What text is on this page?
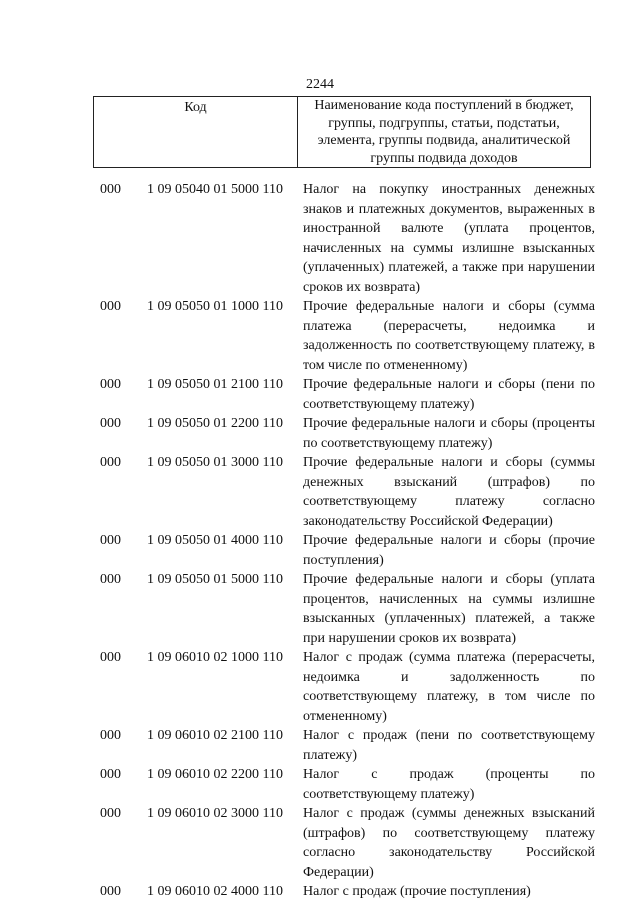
2244
Код	Наименование кода поступлений в бюджет, группы, подгруппы, статьи, подстатьи, элемента, группы подвида, аналитической группы подвида доходов
000	1 09 05040 01 5000 110	Налог на покупку иностранных денежных знаков и платежных документов, выраженных в иностранной валюте (уплата процентов, начисленных на суммы излишне взысканных (уплаченных) платежей, а также при нарушении сроков их возврата)
000	1 09 05050 01 1000 110	Прочие федеральные налоги и сборы (сумма платежа (перерасчеты, недоимка и задолженность по соответствующему платежу, в том числе по отмененному)
000	1 09 05050 01 2100 110	Прочие федеральные налоги и сборы (пени по соответствующему платежу)
000	1 09 05050 01 2200 110	Прочие федеральные налоги и сборы (проценты по соответствующему платежу)
000	1 09 05050 01 3000 110	Прочие федеральные налоги и сборы (суммы денежных взысканий (штрафов) по соответствующему платежу согласно законодательству Российской Федерации)
000	1 09 05050 01 4000 110	Прочие федеральные налоги и сборы (прочие поступления)
000	1 09 05050 01 5000 110	Прочие федеральные налоги и сборы (уплата процентов, начисленных на суммы излишне взысканных (уплаченных) платежей, а также при нарушении сроков их возврата)
000	1 09 06010 02 1000 110	Налог с продаж (сумма платежа (перерасчеты, недоимка и задолженность по соответствующему платежу, в том числе по отмененному)
000	1 09 06010 02 2100 110	Налог с продаж (пени по соответствующему платежу)
000	1 09 06010 02 2200 110	Налог с продаж (проценты по соответствующему платежу)
000	1 09 06010 02 3000 110	Налог с продаж (суммы денежных взысканий (штрафов) по соответствующему платежу согласно законодательству Российской Федерации)
000	1 09 06010 02 4000 110	Налог с продаж (прочие поступления)
